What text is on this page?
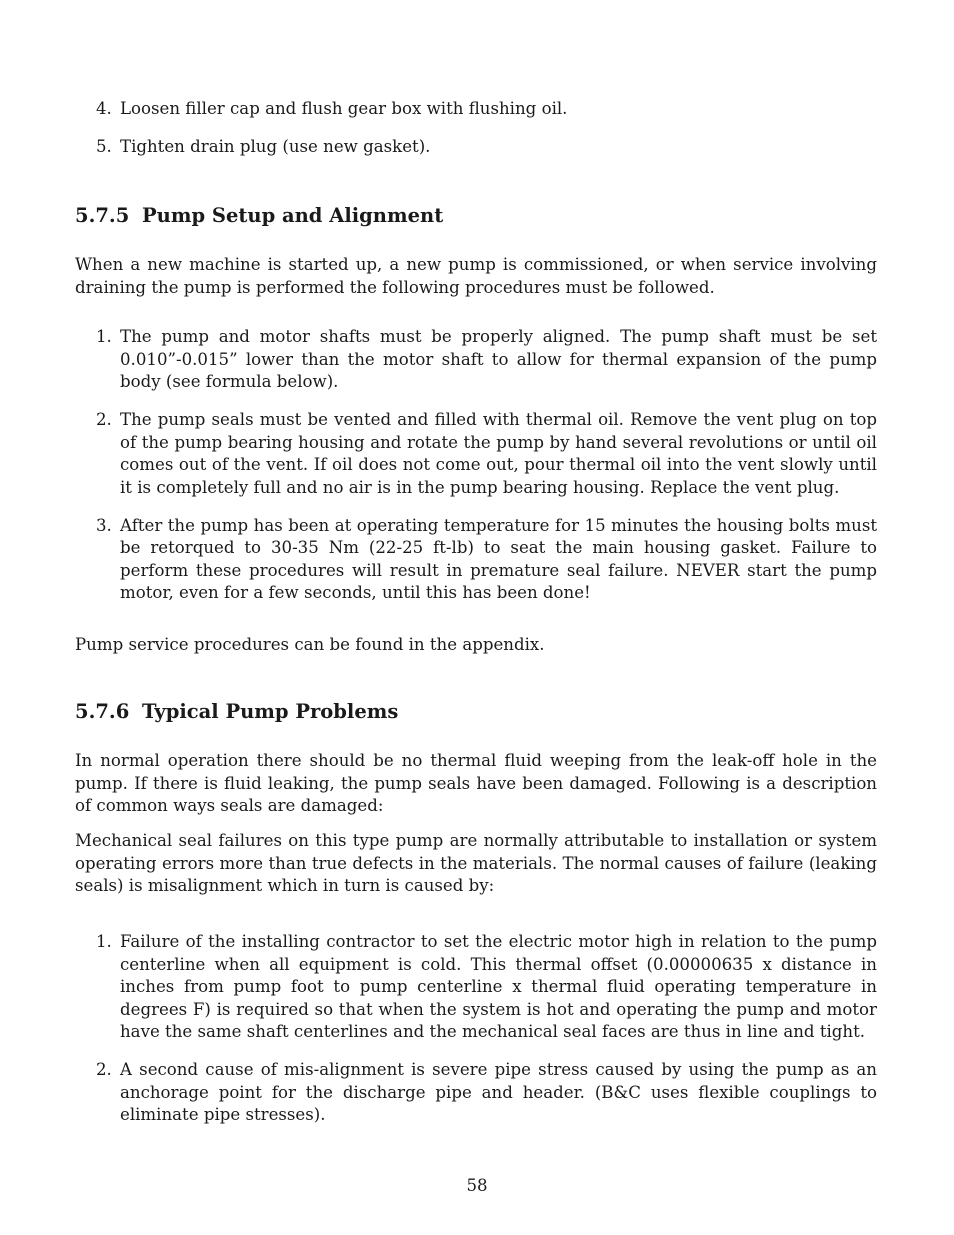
4. Loosen filler cap and flush gear box with flushing oil.
5. Tighten drain plug (use new gasket).
5.7.5 Pump Setup and Alignment

When a new machine is started up, a new pump is commissioned, or when service involving draining the pump is performed the following procedures must be followed.

1. The pump and motor shafts must be properly aligned. The pump shaft must be set 0.010”-0.015” lower than the motor shaft to allow for thermal expansion of the pump body (see formula below).
2. The pump seals must be vented and filled with thermal oil. Remove the vent plug on top of the pump bearing housing and rotate the pump by hand several revolutions or until oil comes out of the vent. If oil does not come out, pour thermal oil into the vent slowly until it is completely full and no air is in the pump bearing housing. Replace the vent plug.
3. After the pump has been at operating temperature for 15 minutes the housing bolts must be retorqued to 30-35 Nm (22-25 ft-lb) to seat the main housing gasket. Failure to perform these procedures will result in premature seal failure. NEVER start the pump motor, even for a few seconds, until this has been done!

Pump service procedures can be found in the appendix.

5.7.6 Typical Pump Problems

In normal operation there should be no thermal fluid weeping from the leak-off hole in the pump. If there is fluid leaking, the pump seals have been damaged. Following is a description of common ways seals are damaged:

Mechanical seal failures on this type pump are normally attributable to installation or system operating errors more than true defects in the materials. The normal causes of failure (leaking seals) is misalignment which in turn is caused by:

1. Failure of the installing contractor to set the electric motor high in relation to the pump centerline when all equipment is cold. This thermal offset (0.00000635 x distance in inches from pump foot to pump centerline x thermal fluid operating temperature in degrees F) is required so that when the system is hot and operating the pump and motor have the same shaft centerlines and the mechanical seal faces are thus in line and tight.
2. A second cause of mis-alignment is severe pipe stress caused by using the pump as an anchorage point for the discharge pipe and header. (B&C uses flexible couplings to eliminate pipe stresses).
58
